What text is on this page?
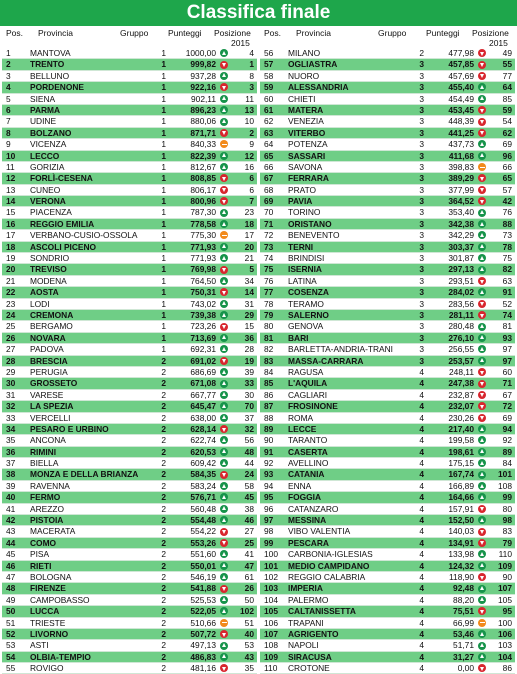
Classifica finale
Pos. Provincia	Gruppo Punteggi Posizione
2015
1	MANTOVA	1	1000,00	4
2	TRENTO	1	999,82	1
3	BELLUNO	1	937,28	8
4	PORDENONE	1	922,16	3
5	SIENA	1	902,11	11
6	PARMA	1	896,23	13
7	UDINE	1	880,06	10
8	BOLZANO	1	871,71	2
9	VICENZA	1	840,33	9
10	LECCO	1	822,39	12
11	GORIZIA	1	812,67	16
12	FORLÌ-CESENA	1	808,85	6
13	CUNEO	1	806,17	6
14	VERONA	1	800,96	7
15	PIACENZA	1	787,30	23
16	REGGIO EMILIA	1	778,58	18
17	VERBANO-CUSIO-OSSOLA	1	775,30	17
18	ASCOLI PICENO	1	771,93	20
19	SONDRIO	1	771,93	21
20	TREVISO	1	769,98	5
21	MODENA	1	764,50	34
22	AOSTA	1	750,31	14
23	LODI	1	743,02	31
24	CREMONA	1	739,38	29
25	BERGAMO	1	723,26	15
26	NOVARA	1	713,69	36
27	PADOVA	1	692,31	28
28	BRESCIA	2	691,02	19
29	PERUGIA	2	686,69	39
30	GROSSETO	2	671,08	33
31	VARESE	2	667,77	30
32	LA SPEZIA	2	645,47	70
33	VERCELLI	2	638,00	37
34	PESARO E URBINO	2	628,14	32
35	ANCONA	2	622,74	56
36	RIMINI	2	620,53	48
37	BIELLA	2	609,42	44
38	MONZA E DELLA BRIANZA	2	584,35	24
39	RAVENNA	2	583,24	58
40	FERMO	2	576,71	45
41	AREZZO	2	560,48	38
42	PISTOIA	2	554,48	46
43	MACERATA	2	554,22	27
44	COMO	2	553,26	25
45	PISA	2	551,60	41
46	RIETI	2	550,01	47
47	BOLOGNA	2	546,19	61
48	FIRENZE	2	541,88	26
49	CAMPOBASSO	2	525,53	50
50	LUCCA	2	522,05	102
51	TRIESTE	2	510,66	51
52	LIVORNO	2	507,72	40
53	ASTI	2	497,13	53
54	OLBIA-TEMPIO	2	486,83	43
55	ROVIGO	2	481,16	35
Pos. Provincia	Gruppo Punteggi Posizione
2015
56	MILANO	2	477,98	49
57	OGLIASTRA	3	457,85	55
58	NUORO	3	457,69	77
59	ALESSANDRIA	3	455,40	64
60	CHIETI	3	454,49	85
61	MATERA	3	453,45	59
62	VENEZIA	3	448,39	54
63	VITERBO	3	441,25	62
64	POTENZA	3	437,73	69
65	SASSARI	3	411,68	96
66	SAVONA	3	398,83	66
67	FERRARA	3	389,29	65
68	PRATO	3	377,99	57
69	PAVIA	3	364,52	42
70	TORINO	3	353,40	76
71	ORISTANO	3	342,38	88
72	BENEVENTO	3	342,29	73
73	TERNI	3	303,37	78
74	BRINDISI	3	301,87	75
75	ISERNIA	3	297,13	82
76	LATINA	3	293,51	63
77	COSENZA	3	284,02	91
78	TERAMO	3	283,56	52
79	SALERNO	3	281,11	74
80	GENOVA	3	280,48	81
81	BARI	3	276,10	93
82	BARLETTA-ANDRIA-TRANI	3	256,55	97
83	MASSA-CARRARA	3	253,57	97
84	RAGUSA	4	248,11	60
85	L'AQUILA	4	247,38	71
86	CAGLIARI	4	232,87	67
87	FROSINONE	4	232,07	72
88	ROMA	4	230,26	69
89	LECCE	4	217,40	94
90	TARANTO	4	199,58	92
91	CASERTA	4	198,61	89
92	AVELLINO	4	175,15	84
93	CATANIA	4	167,74	101
94	ENNA	4	166,89	108
95	FOGGIA	4	164,66	99
96	CATANZARO	4	157,91	80
97	MESSINA	4	152,50	98
98	VIBO VALENTIA	4	140,03	83
99	PESCARA	4	134,91	79
100	CARBONIA-IGLESIAS	4	133,98	110
101	MEDIO CAMPIDANO	4	124,32	109
102	REGGIO CALABRIA	4	118,90	90
103	IMPERIA	4	92,48	107
104	PALERMO	4	88,20	105
105	CALTANISSETTA	4	75,51	95
106	TRAPANI	4	66,99	100
107	AGRIGENTO	4	53,46	106
108	NAPOLI	4	51,71	103
109	SIRACUSA	4	31,27	104
110	CROTONE	4	0,00	86
